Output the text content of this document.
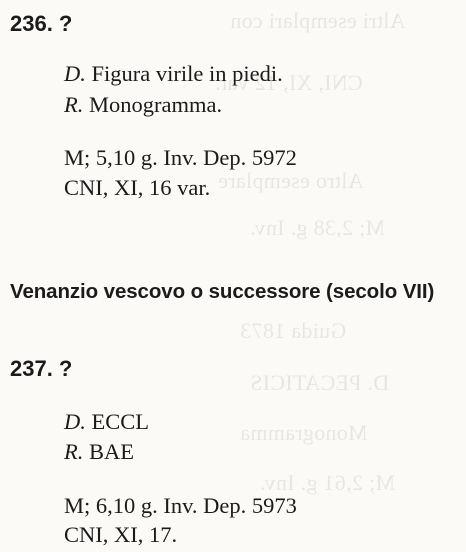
Altri esemplari con
CNI, XI, 12 var.
Altro esemplare
M; 2,38 g. Inv.
Guida 1873
D. PECATICIS
Monogramma
M; 2,61 g. Inv.
236. ?
D. Figura virile in piedi.
R. Monogramma.
M; 5,10 g. Inv. Dep. 5972
CNI, XI, 16 var.
Venanzio vescovo o successore (secolo VII)
237. ?
D. ECCL
R. BAE
M; 6,10 g. Inv. Dep. 5973
CNI, XI, 17.
